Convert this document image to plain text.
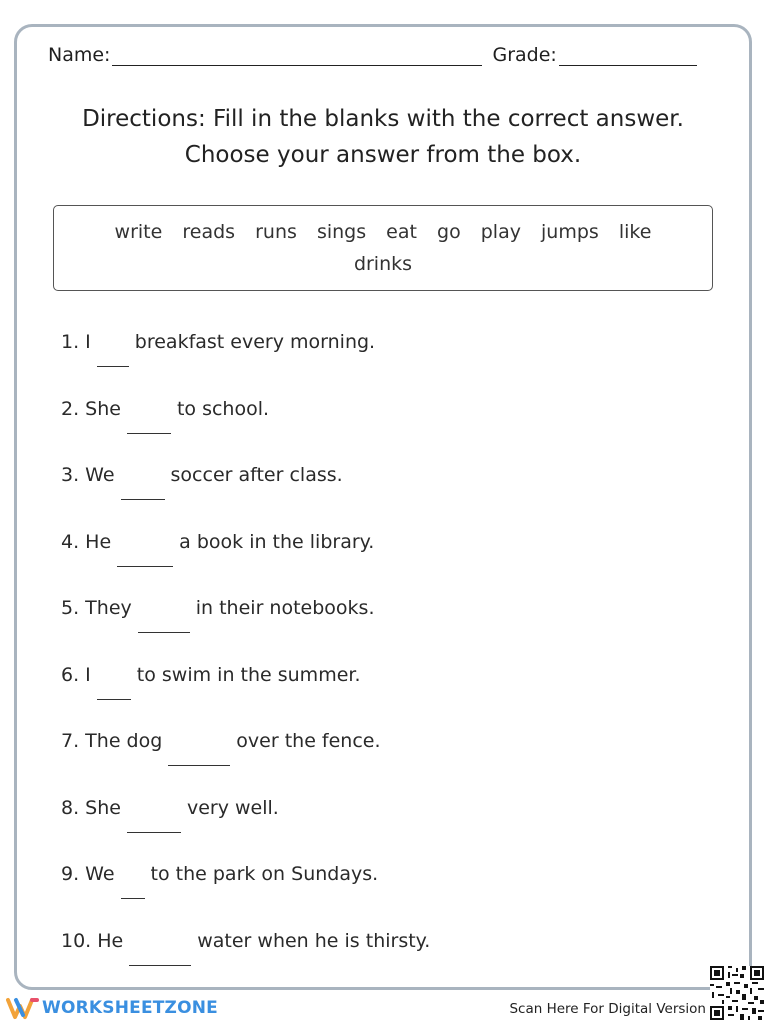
Name:	Grade:
Directions: Fill in the blanks with the correct answer.
Choose your answer from the box.
write reads runs sings eat go play jumps like
drinks
1. I breakfast every morning.
2. She	to school.
3. We	soccer after class.
4. He	a book in the library.
5. They	in their notebooks.
6. I to swim in the summer.
7. The dog	over the fence.
8. She	very well.
9. We to the park on Sundays.
10. He	water when he is thirsty.
WORKSHEETZONE	Scan Here For Digital Version
